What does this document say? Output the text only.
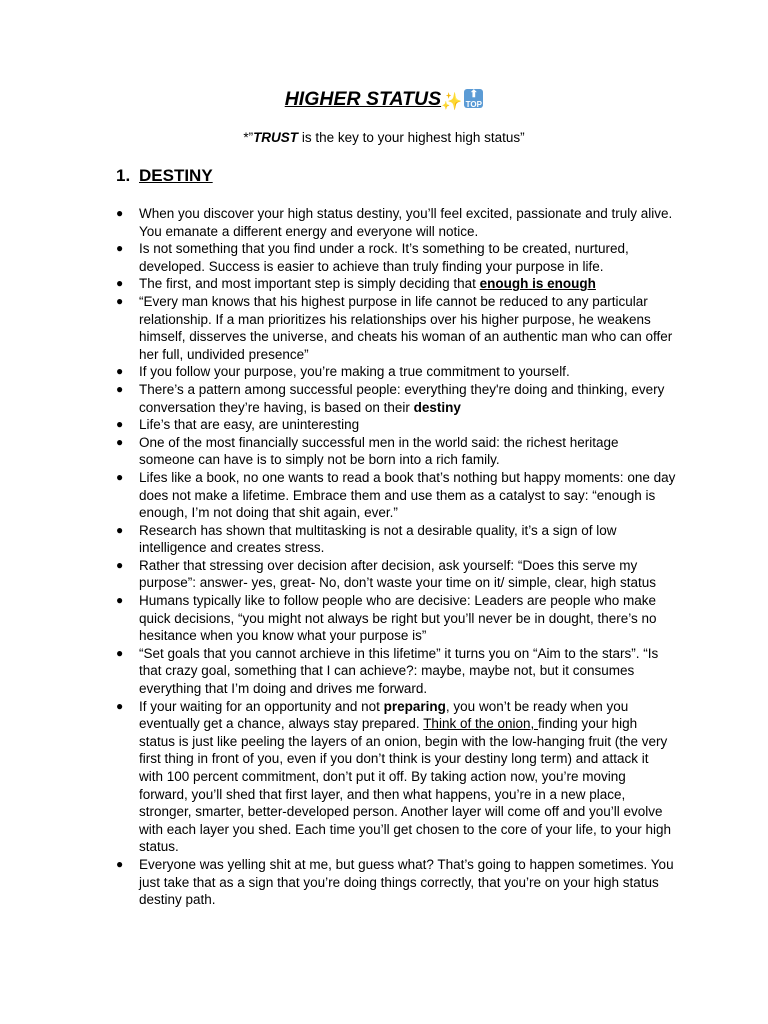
HIGHER STATUS✨ ⬆
TOP

*”TRUST is the key to your highest high status”

1. DESTINY
● When you discover your high status destiny, you’ll feel excited, passionate and truly alive. You emanate a different energy and everyone will notice.
● Is not something that you find under a rock. It’s something to be created, nurtured, developed. Success is easier to achieve than truly finding your purpose in life.
● The first, and most important step is simply deciding that enough is enough
● “Every man knows that his highest purpose in life cannot be reduced to any particular relationship. If a man prioritizes his relationships over his higher purpose, he weakens himself, disserves the universe, and cheats his woman of an authentic man who can offer her full, undivided presence”
● If you follow your purpose, you’re making a true commitment to yourself.
● There’s a pattern among successful people: everything they're doing and thinking, every conversation they’re having, is based on their destiny
● Life’s that are easy, are uninteresting
● One of the most financially successful men in the world said: the richest heritage someone can have is to simply not be born into a rich family.
● Lifes like a book, no one wants to read a book that’s nothing but happy moments: one day does not make a lifetime. Embrace them and use them as a catalyst to say: “enough is enough, I’m not doing that shit again, ever.”
● Research has shown that multitasking is not a desirable quality, it’s a sign of low intelligence and creates stress.
● Rather that stressing over decision after decision, ask yourself: “Does this serve my purpose”: answer- yes, great- No, don’t waste your time on it/ simple, clear, high status
● Humans typically like to follow people who are decisive: Leaders are people who make quick decisions, “you might not always be right but you’ll never be in dought, there’s no hesitance when you know what your purpose is”
● “Set goals that you cannot archieve in this lifetime” it turns you on “Aim to the stars”. “Is that crazy goal, something that I can achieve?: maybe, maybe not, but it consumes everything that I’m doing and drives me forward.
● If your waiting for an opportunity and not preparing, you won’t be ready when you eventually get a chance, always stay prepared. Think of the onion, finding your high status is just like peeling the layers of an onion, begin with the low-hanging fruit (the very first thing in front of you, even if you don’t think is your destiny long term) and attack it with 100 percent commitment, don’t put it off. By taking action now, you’re moving forward, you’ll shed that first layer, and then what happens, you’re in a new place, stronger, smarter, better-developed person. Another layer will come off and you’ll evolve with each layer you shed. Each time you’ll get chosen to the core of your life, to your high status.
● Everyone was yelling shit at me, but guess what? That’s going to happen sometimes. You just take that as a sign that you’re doing things correctly, that you’re on your high status destiny path.
